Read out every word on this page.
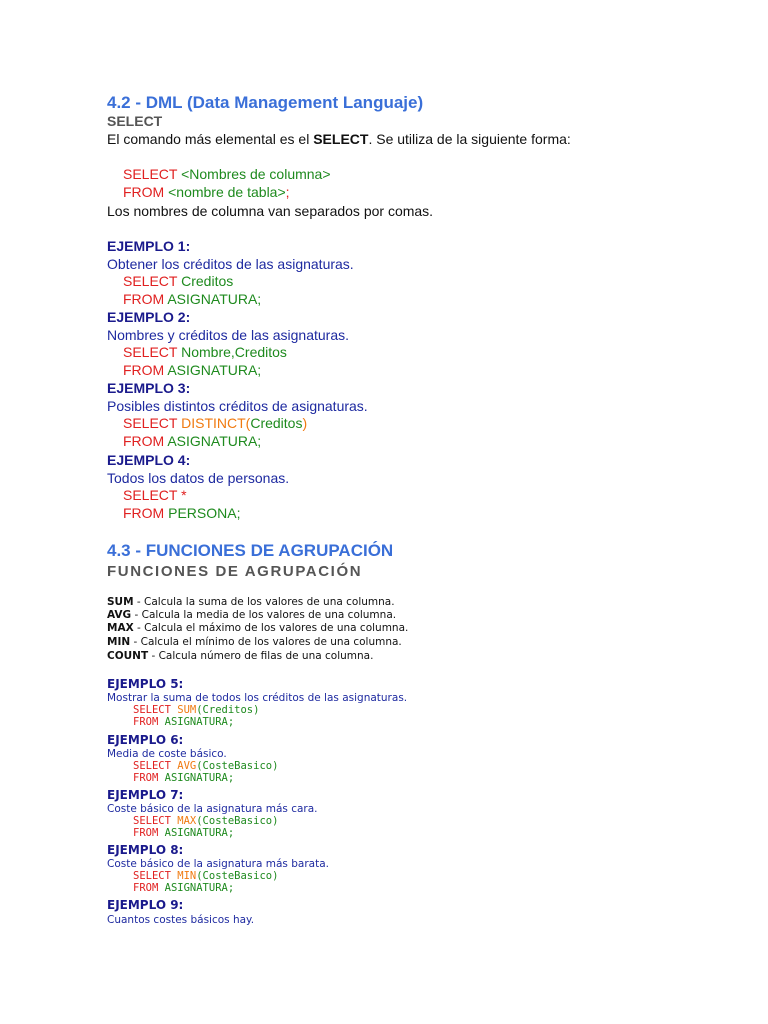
4.2 - DML (Data Management Languaje)
SELECT
El comando más elemental es el SELECT. Se utiliza de la siguiente forma:
SELECT <Nombres de columna>
FROM <nombre de tabla>;
Los nombres de columna van separados por comas.
EJEMPLO 1:
Obtener los créditos de las asignaturas.
SELECT Creditos
FROM ASIGNATURA;
EJEMPLO 2:
Nombres y créditos de las asignaturas.
SELECT Nombre,Creditos
FROM ASIGNATURA;
EJEMPLO 3:
Posibles distintos créditos de asignaturas.
SELECT DISTINCT(Creditos)
FROM ASIGNATURA;
EJEMPLO 4:
Todos los datos de personas.
SELECT *
FROM PERSONA;
4.3 - FUNCIONES DE AGRUPACIÓN
FUNCIONES DE AGRUPACIÓN
SUM - Calcula la suma de los valores de una columna.
AVG - Calcula la media de los valores de una columna.
MAX - Calcula el máximo de los valores de una columna.
MIN - Calcula el mínimo de los valores de una columna.
COUNT - Calcula número de filas de una columna.
EJEMPLO 5:
Mostrar la suma de todos los créditos de las asignaturas.
SELECT SUM(Creditos)
FROM ASIGNATURA;
EJEMPLO 6:
Media de coste básico.
SELECT AVG(CosteBasico)
FROM ASIGNATURA;
EJEMPLO 7:
Coste básico de la asignatura más cara.
SELECT MAX(CosteBasico)
FROM ASIGNATURA;
EJEMPLO 8:
Coste básico de la asignatura más barata.
SELECT MIN(CosteBasico)
FROM ASIGNATURA;
EJEMPLO 9:
Cuantos costes básicos hay.
